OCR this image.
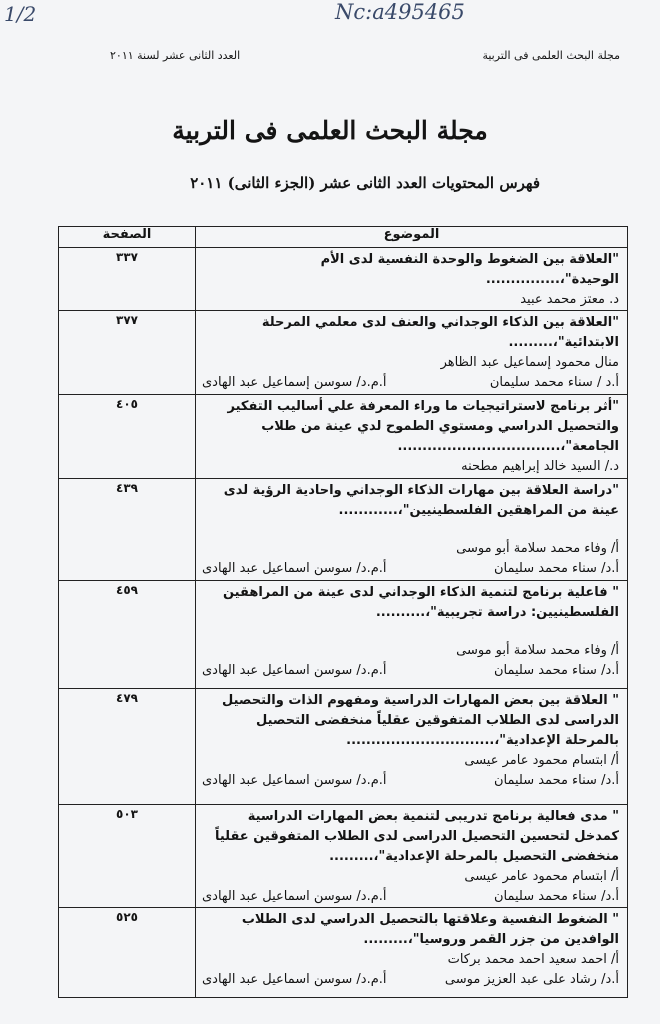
1/2	Nc:a495465
مجلة البحث العلمى فى التربية
العدد الثانى عشر لسنة ٢٠١١
مجلة البحث العلمى فى التربية
فهرس المحتويات العدد الثانى عشر (الجزء الثانى) ٢٠١١
الموضوع	الصفحة

"العلاقة بين الضغوط والوحدة النفسية لدى الأم الوحيدة"،...............
د. معتز محمد عبيد	٣٣٧

"العلاقة بين الذكاء الوجداني والعنف لدى معلمي المرحلة الابتدائية"،.........
منال محمود إسماعيل عبد الظاهر
أ.د / سناء محمد سليمان
أ.م.د/ سوسن إسماعيل عبد الهادى	٣٧٧

"أثر برنامج لاستراتيجيات ما وراء المعرفة علي أساليب التفكير والتحصيل الدراسي ومستوي الطموح لدي عينة من طلاب الجامعة"،.................................
د./ السيد خالد إبراهيم مطحنه	٤٠٥

"دراسة العلاقة بين مهارات الذكاء الوجداني واحادية الرؤية لدى عينة من المراهقين الفلسطينيين"،............
أ/ وفاء محمد سلامة أبو موسى
أ.د/ سناء محمد سليمان
أ.م.د/ سوسن اسماعيل عبد الهادى	٤٣٩

" فاعلية برنامج لتنمية الذكاء الوجداني لدى عينة من المراهقين الفلسطينيين: دراسة تجريبية"،..........
أ/ وفاء محمد سلامة أبو موسى
أ.د/ سناء محمد سليمان
أ.م.د/ سوسن اسماعيل عبد الهادى	٤٥٩

" العلاقة بين بعض المهارات الدراسية ومفهوم الذات والتحصيل الدراسى لدى الطلاب المتفوقين عقلياً منخفضى التحصيل بالمرحلة الإعدادية"،..............................
أ/ ابتسام محمود عامر عيسى
أ.د/ سناء محمد سليمان
أ.م.د/ سوسن اسماعيل عبد الهادى	٤٧٩

" مدى فعالية برنامج تدريبى لتنمية بعض المهارات الدراسية كمدخل لتحسين التحصيل الدراسى لدى الطلاب المتفوقين عقلياً منخفضى التحصيل بالمرحلة الإعدادية"،.........
أ/ ابتسام محمود عامر عيسى
أ.د/ سناء محمد سليمان
أ.م.د/ سوسن اسماعيل عبد الهادى	٥٠٣

" الضغوط النفسية وعلاقتها بالتحصيل الدراسي لدى الطلاب الوافدين من جزر القمر وروسيا"،.........
أ/ احمد سعيد احمد محمد بركات
أ.د/ رشاد على عبد العزيز موسى
أ.م.د/ سوسن اسماعيل عبد الهادى	٥٢٥
